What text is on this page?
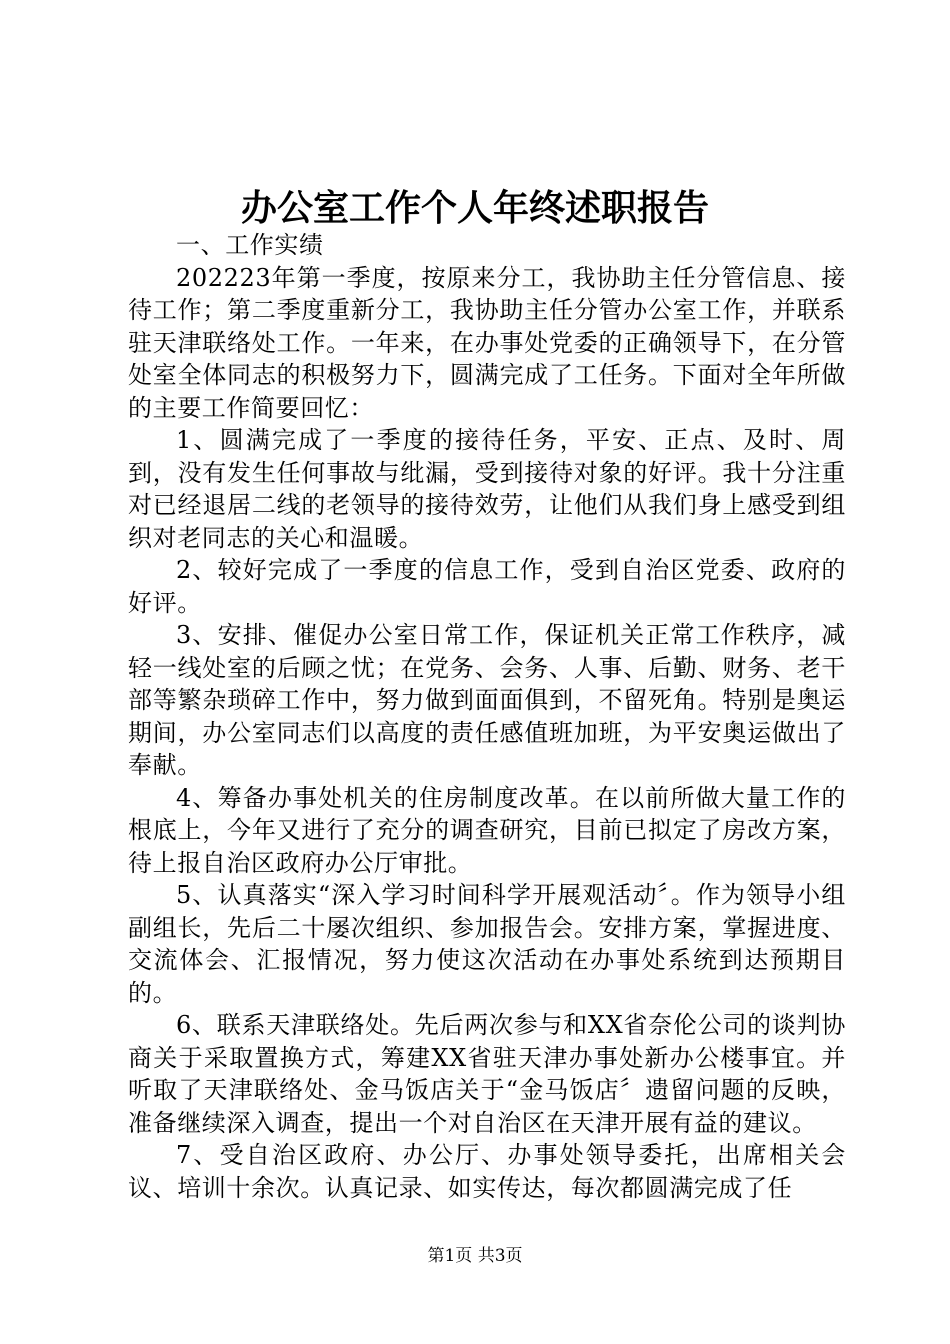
办公室工作个人年终述职报告

一、工作实绩

202223年第一季度，按原来分工，我协助主任分管信息、接待工作；第二季度重新分工，我协助主任分管办公室工作，并联系驻天津联络处工作。一年来，在办事处党委的正确领导下，在分管处室全体同志的积极努力下，圆满完成了工任务。下面对全年所做的主要工作简要回忆：

1、圆满完成了一季度的接待任务，平安、正点、及时、周到，没有发生任何事故与纰漏，受到接待对象的好评。我十分注重对已经退居二线的老领导的接待效劳，让他们从我们身上感受到组织对老同志的关心和温暖。

2、较好完成了一季度的信息工作，受到自治区党委、政府的好评。

3、安排、催促办公室日常工作，保证机关正常工作秩序，减轻一线处室的后顾之忧；在党务、会务、人事、后勤、财务、老干部等繁杂琐碎工作中，努力做到面面俱到，不留死角。特别是奥运期间，办公室同志们以高度的责任感值班加班，为平安奥运做出了奉献。

4、筹备办事处机关的住房制度改革。在以前所做大量工作的根底上，今年又进行了充分的调查研究，目前已拟定了房改方案，待上报自治区政府办公厅审批。

5、认真落实“深入学习时间科学开展观活动〞。作为领导小组副组长，先后二十屡次组织、参加报告会。安排方案，掌握进度、交流体会、汇报情况，努力使这次活动在办事处系统到达预期目的。

6、联系天津联络处。先后两次参与和XX省奈伦公司的谈判协商关于采取置换方式，筹建XX省驻天津办事处新办公楼事宜。并听取了天津联络处、金马饭店关于“金马饭店〞遗留问题的反映，准备继续深入调查，提出一个对自治区在天津开展有益的建议。

7、受自治区政府、办公厅、办事处领导委托，出席相关会议、培训十余次。认真记录、如实传达，每次都圆满完成了任

第1页 共3页
